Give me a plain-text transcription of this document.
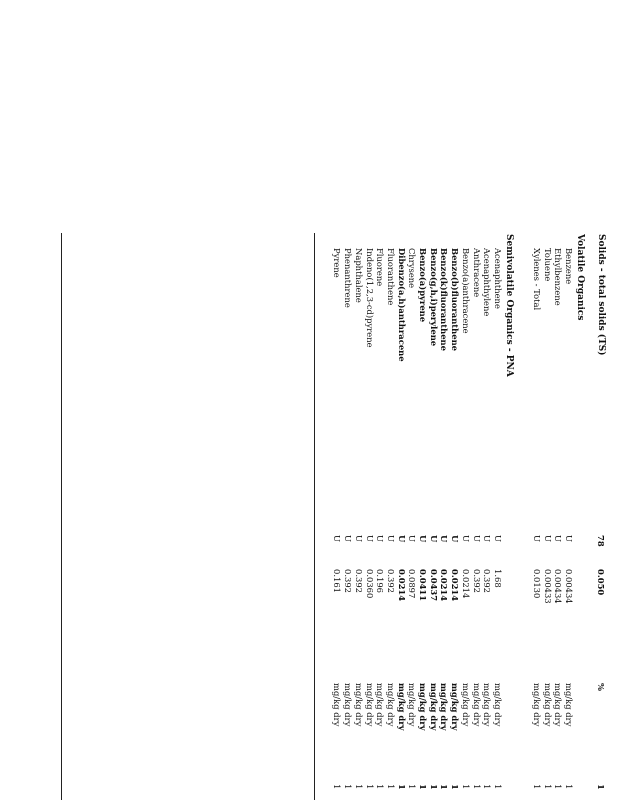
Solids - total solids (TS)
78
0.050
%
1
Volatile Organics
Benzene
U
0.00434
mg/kg dry
1
Ethylbenzene
U
0.00434
mg/kg dry
1
Toluene
U
0.00433
mg/kg dry
1
Xylenes - Total
U
0.0130
mg/kg dry
1
Semivolatile Organics - PNA
Acenaphthene
U
1.68
mg/kg dry
1
Acenaphthylene
U
0.392
mg/kg dry
1
Anthracene
U
0.392
mg/kg dry
1
Benzo(a)anthracene
U
0.0214
mg/kg dry
1
Benzo(b)fluoranthene
U
0.0214
mg/kg dry
1
Benzo(k)fluoranthene
U
0.0214
mg/kg dry
1
Benzo(g,h,i)perylene
U
0.0437
mg/kg dry
1
Benzo(a)pyrene
U
0.0411
mg/kg dry
1
Chrysene
U
0.0897
mg/kg dry
1
Dibenzo(a,h)anthracene
U
0.0214
mg/kg dry
1
Fluoranthene
U
0.392
mg/kg dry
1
Fluorene
U
0.196
mg/kg dry
1
Indeno(1,2,3-cd)pyrene
U
0.0360
mg/kg dry
1
Naphthalene
U
0.392
mg/kg dry
1
Phenanthrene
U
0.392
mg/kg dry
1
Pyrene
U
0.161
mg/kg dry
1
